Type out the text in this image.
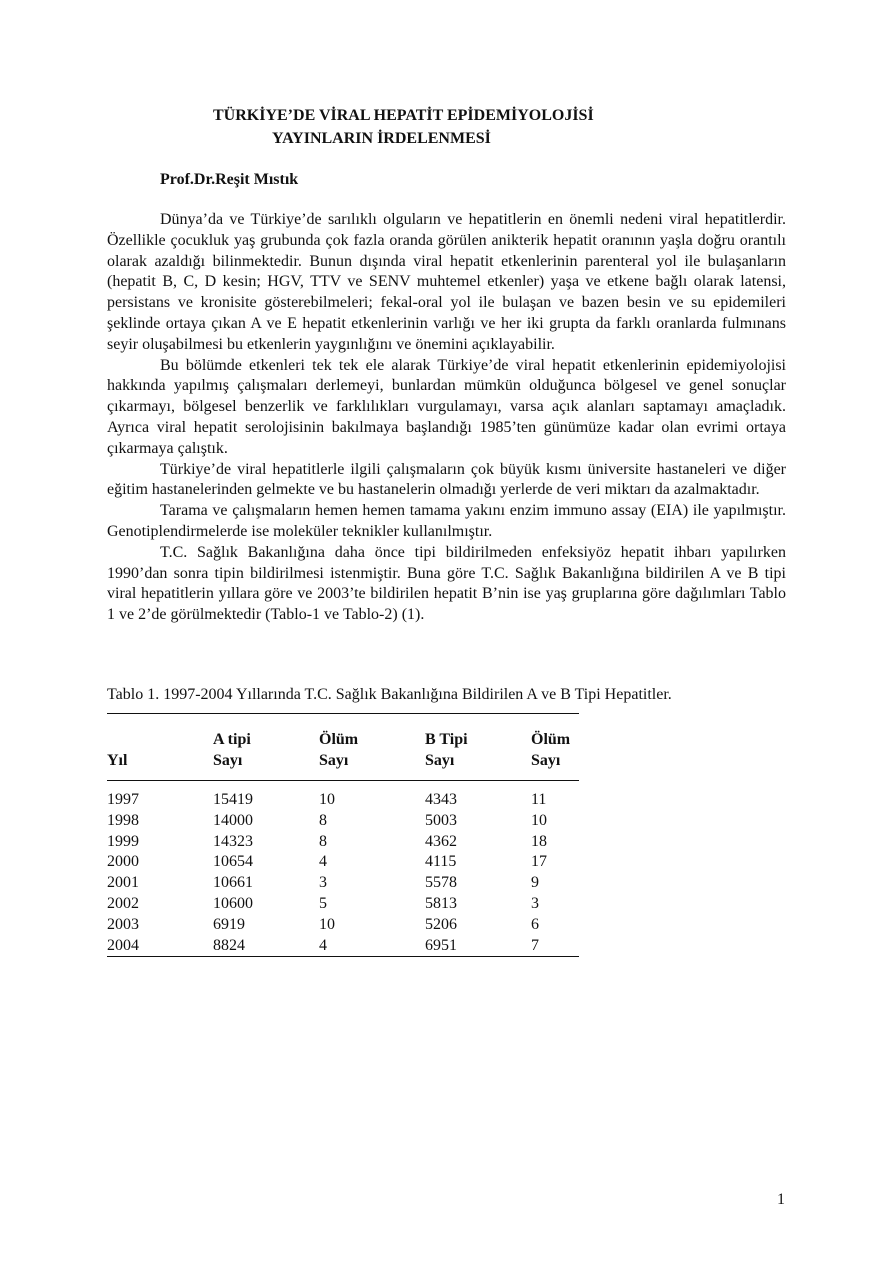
TÜRKİYE’DE VİRAL HEPATİT EPİDEMİYOLOJİSİ
YAYINLARIN İRDELENMESİ
Prof.Dr.Reşit Mıstık

Dünya’da ve Türkiye’de sarılıklı olguların ve hepatitlerin en önemli nedeni viral hepatitlerdir. Özellikle çocukluk yaş grubunda çok fazla oranda görülen anikterik hepatit oranının yaşla doğru orantılı olarak azaldığı bilinmektedir. Bunun dışında viral hepatit etkenlerinin parenteral yol ile bulaşanların (hepatit B, C, D kesin; HGV, TTV ve SENV muhtemel etkenler) yaşa ve etkene bağlı olarak latensi, persistans ve kronisite gösterebilmeleri; fekal-oral yol ile bulaşan ve bazen besin ve su epidemileri şeklinde ortaya çıkan A ve E hepatit etkenlerinin varlığı ve her iki grupta da farklı oranlarda fulmınans seyir oluşabilmesi bu etkenlerin yaygınlığını ve önemini açıklayabilir.

Bu bölümde etkenleri tek tek ele alarak Türkiye’de viral hepatit etkenlerinin epidemiyolojisi hakkında yapılmış çalışmaları derlemeyi, bunlardan mümkün olduğunca bölgesel ve genel sonuçlar çıkarmayı, bölgesel benzerlik ve farklılıkları vurgulamayı, varsa açık alanları saptamayı amaçladık. Ayrıca viral hepatit serolojisinin bakılmaya başlandığı 1985’ten günümüze kadar olan evrimi ortaya çıkarmaya çalıştık.

Türkiye’de viral hepatitlerle ilgili çalışmaların çok büyük kısmı üniversite hastaneleri ve diğer eğitim hastanelerinden gelmekte ve bu hastanelerin olmadığı yerlerde de veri miktarı da azalmaktadır.

Tarama ve çalışmaların hemen hemen tamama yakını enzim immuno assay (EIA) ile yapılmıştır. Genotiplendirmelerde ise moleküler teknikler kullanılmıştır.

T.C. Sağlık Bakanlığına daha önce tipi bildirilmeden enfeksiyöz hepatit ihbarı yapılırken 1990’dan sonra tipin bildirilmesi istenmiştir. Buna göre T.C. Sağlık Bakanlığına bildirilen A ve B tipi viral hepatitlerin yıllara göre ve 2003’te bildirilen hepatit B’nin ise yaş gruplarına göre dağılımları Tablo 1 ve 2’de görülmektedir (Tablo-1 ve Tablo-2) (1).

Tablo 1. 1997-2004 Yıllarında T.C. Sağlık Bakanlığına Bildirilen A ve B Tipi Hepatitler.

Yıl
A tipi
Sayı
Ölüm
Sayı
B Tipi
Sayı
Ölüm
Sayı
1997
1998
1999
2000
2001
2002
2003
2004
15419
14000
14323
10654
10661
10600
6919
8824
10
8
8
4
3
5
10
4
4343
5003
4362
4115
5578
5813
5206
6951
11
10
18
17
9
3
6
7
1
